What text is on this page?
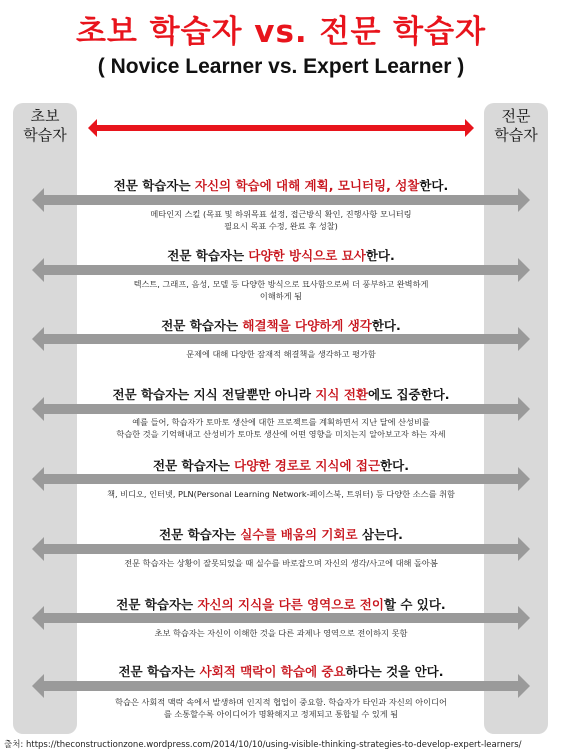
초보 학습자 vs. 전문 학습자
( Novice Learner vs. Expert Learner )
초보
학습자
전문
학습자
전문 학습자는 자신의 학습에 대해 계획, 모니터링, 성찰한다.
메타인지 스킬 (목표 및 하위목표 설정, 접근방식 확인, 진행사항 모니터링
필요시 목표 수정, 완료 후 성찰)
전문 학습자는 다양한 방식으로 묘사한다.
텍스트, 그래프, 음성, 모델 등 다양한 방식으로 묘사함으로써 더 풍부하고 완벽하게
이해하게 됨
전문 학습자는 해결책을 다양하게 생각한다.
문제에 대해 다양한 잠재적 해결책을 생각하고 평가함
전문 학습자는 지식 전달뿐만 아니라 지식 전환에도 집중한다.
예를 들어, 학습자가 토마토 생산에 대한 프로젝트를 계획하면서 지난 달에 산성비를
학습한 것을 기억해내고 산성비가 토마토 생산에 어떤 영향을 미치는지 알아보고자 하는 자세
전문 학습자는 다양한 경로로 지식에 접근한다.
책, 비디오, 인터넷, PLN(Personal Learning Network-페이스북, 트위터) 등 다양한 소스를 취함
전문 학습자는 실수를 배움의 기회로 삼는다.
전문 학습자는 상황이 잘못되었을 때 실수를 바로잡으며 자신의 생각/사고에 대해 돌아봄
전문 학습자는 자신의 지식을 다른 영역으로 전이할 수 있다.
초보 학습자는 자신이 이해한 것을 다른 과제나 영역으로 전이하지 못함
전문 학습자는 사회적 맥락이 학습에 중요하다는 것을 안다.
학습은 사회적 맥락 속에서 발생하며 인지적 협업이 중요함. 학습자가 타인과 자신의 아이디어
를 소통할수록 아이디어가 명확해지고 정제되고 통합될 수 있게 됨
출처: https://theconstructionzone.wordpress.com/2014/10/10/using-visible-thinking-strategies-to-develop-expert-learners/
